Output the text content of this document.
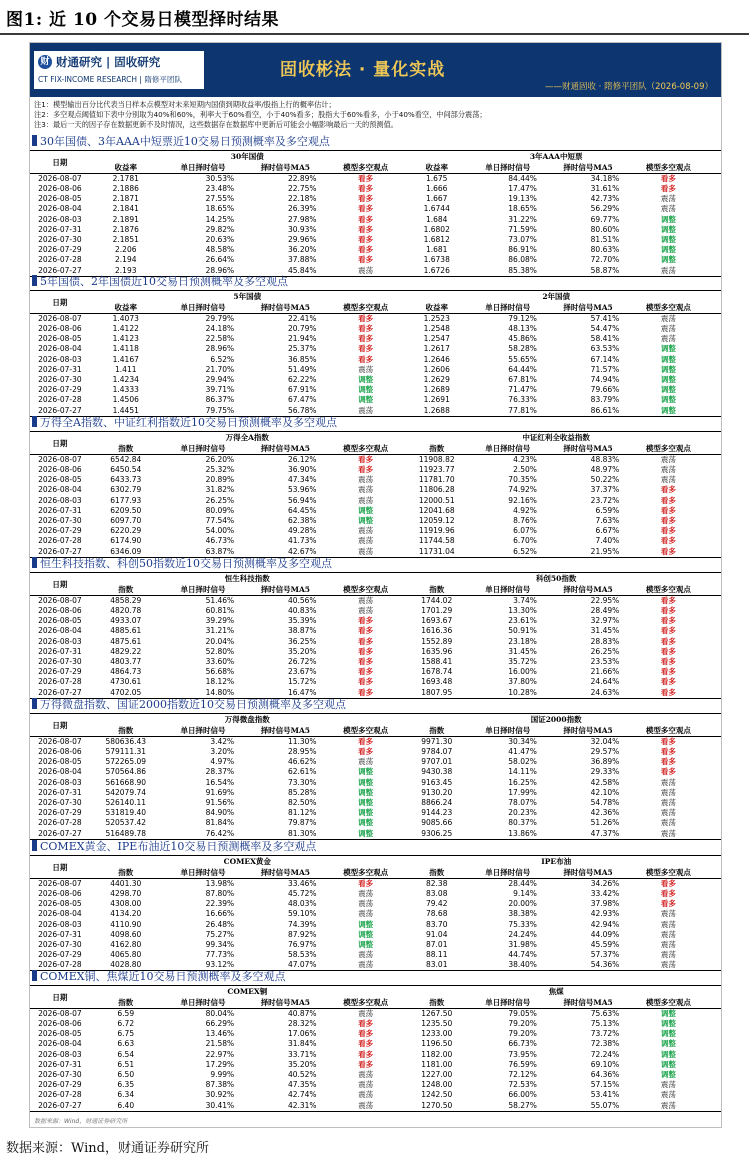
图1: 近 10 个交易日模型择时结果
财 财通研究 | 固收研究
CT FIX-INCOME RESEARCH | 隋修平团队	固收彬法 · 量化实战
——财通固收 · 隋修平团队（2026-08-09）
注1：模型输出百分比代表当日样本点模型对未来短期内国债到期收益率/股指上行的概率估计；
注2：多空观点阈值如下表中分别取为40%和60%，利率大于60%看空，小于40%看多；股指大于60%看多，小于40%看空，中间部分震荡；
注3：最后一天的因子存在数据更新不及时情况，这些数据存在数据库中更新后可能会小幅影响最后一天的预测值。
30年国债、3年AAA中短票近10交易日预测概率及多空观点
日期	30年国债				3年AAA中短票				
	收益率	单日择时信号	择时信号MA5	模型多空观点	收益率	单日择时信号	择时信号MA5	模型多空观点	
2026-08-07	2.1781	30.53%	22.89%	看多	1.675	84.44%	34.18%	看多	
2026-08-06	2.1886	23.48%	22.75%	看多	1.666	17.47%	31.61%	看多	
2026-08-05	2.1871	27.55%	22.18%	看多	1.667	19.13%	42.73%	震荡	
2026-08-04	2.1841	18.65%	26.39%	看多	1.6744	18.65%	56.29%	震荡	
2026-08-03	2.1891	14.25%	27.98%	看多	1.684	31.22%	69.77%	调整	
2026-07-31	2.1876	29.82%	30.93%	看多	1.6802	71.59%	80.60%	调整	
2026-07-30	2.1851	20.63%	29.96%	看多	1.6812	73.07%	81.51%	调整	
2026-07-29	2.206	48.58%	36.20%	看多	1.681	86.91%	80.63%	调整	
2026-07-28	2.194	26.64%	37.88%	看多	1.6738	86.08%	72.70%	调整	
2026-07-27	2.193	28.96%	45.84%	震荡	1.6726	85.38%	58.87%	震荡	
5年国债、2年国债近10交易日预测概率及多空观点
日期	5年国债				2年国债				
	收益率	单日择时信号	择时信号MA5	模型多空观点	收益率	单日择时信号	择时信号MA5	模型多空观点	
2026-08-07	1.4073	29.79%	22.41%	看多	1.2523	79.12%	57.41%	震荡	
2026-08-06	1.4122	24.18%	20.79%	看多	1.2548	48.13%	54.47%	震荡	
2026-08-05	1.4123	22.58%	21.94%	看多	1.2547	45.86%	58.41%	震荡	
2026-08-04	1.4118	28.96%	25.37%	看多	1.2617	58.28%	63.53%	调整	
2026-08-03	1.4167	6.52%	36.85%	看多	1.2646	55.65%	67.14%	调整	
2026-07-31	1.411	21.70%	51.49%	震荡	1.2606	64.44%	71.57%	调整	
2026-07-30	1.4234	29.94%	62.22%	调整	1.2629	67.81%	74.94%	调整	
2026-07-29	1.4333	39.71%	67.91%	调整	1.2689	71.47%	79.66%	调整	
2026-07-28	1.4506	86.37%	67.47%	调整	1.2691	76.33%	83.79%	调整	
2026-07-27	1.4451	79.75%	56.78%	震荡	1.2688	77.81%	86.61%	调整	
万得全A指数、中证红利指数近10交易日预测概率及多空观点
日期	万得全A指数				中证红利全收益指数				
	指数	单日择时信号	择时信号MA5	模型多空观点	指数	单日择时信号	择时信号MA5	模型多空观点	
2026-08-07	6542.84	26.20%	26.12%	看多	11908.82	4.23%	48.83%	震荡	
2026-08-06	6450.54	25.32%	36.90%	看多	11923.77	2.50%	48.97%	震荡	
2026-08-05	6433.73	20.89%	47.34%	震荡	11781.70	70.35%	50.22%	震荡	
2026-08-04	6302.79	31.82%	53.96%	震荡	11806.28	74.92%	37.37%	看多	
2026-08-03	6177.93	26.25%	56.94%	震荡	12000.51	92.16%	23.72%	看多	
2026-07-31	6209.50	80.09%	64.45%	调整	12041.68	4.92%	6.59%	看多	
2026-07-30	6097.70	77.54%	62.38%	调整	12059.12	8.76%	7.63%	看多	
2026-07-29	6220.29	54.00%	49.28%	震荡	11919.96	6.07%	6.67%	看多	
2026-07-28	6174.90	46.73%	41.73%	震荡	11744.58	6.70%	7.40%	看多	
2026-07-27	6346.09	63.87%	42.67%	震荡	11731.04	6.52%	21.95%	看多	
恒生科技指数、科创50指数近10交易日预测概率及多空观点
日期	恒生科技指数				科创50指数				
	指数	单日择时信号	择时信号MA5	模型多空观点	指数	单日择时信号	择时信号MA5	模型多空观点	
2026-08-07	4858.29	51.46%	40.56%	震荡	1744.02	3.74%	22.95%	看多	
2026-08-06	4820.78	60.81%	40.83%	震荡	1701.29	13.30%	28.49%	看多	
2026-08-05	4933.07	39.29%	35.39%	看多	1693.67	23.61%	32.97%	看多	
2026-08-04	4885.61	31.21%	38.87%	看多	1616.36	50.91%	31.45%	看多	
2026-08-03	4875.61	20.04%	36.25%	看多	1552.89	23.18%	28.83%	看多	
2026-07-31	4829.22	52.80%	35.20%	看多	1635.96	31.45%	26.25%	看多	
2026-07-30	4803.77	33.60%	26.72%	看多	1588.41	35.72%	23.53%	看多	
2026-07-29	4864.73	56.68%	23.67%	看多	1678.74	16.00%	21.66%	看多	
2026-07-28	4730.61	18.12%	15.72%	看多	1693.48	37.80%	24.64%	看多	
2026-07-27	4702.05	14.80%	16.47%	看多	1807.95	10.28%	24.63%	看多	
万得微盘指数、国证2000指数近10交易日预测概率及多空观点
日期	万得微盘指数				国证2000指数				
	指数	单日择时信号	择时信号MA5	模型多空观点	指数	单日择时信号	择时信号MA5	模型多空观点	
2026-08-07	580636.43	3.42%	11.30%	看多	9971.30	30.34%	32.04%	看多	
2026-08-06	579111.31	3.20%	28.95%	看多	9784.07	41.47%	29.57%	看多	
2026-08-05	572265.09	4.97%	46.62%	震荡	9707.01	58.02%	36.89%	看多	
2026-08-04	570564.86	28.37%	62.61%	调整	9430.38	14.11%	29.33%	看多	
2026-08-03	561668.90	16.54%	73.30%	调整	9163.45	16.25%	42.58%	震荡	
2026-07-31	542079.74	91.69%	85.28%	调整	9130.20	17.99%	42.10%	震荡	
2026-07-30	526140.11	91.56%	82.50%	调整	8866.24	78.07%	54.78%	震荡	
2026-07-29	531819.40	84.90%	81.12%	调整	9144.23	20.23%	42.36%	震荡	
2026-07-28	520537.42	81.84%	79.87%	调整	9085.66	80.37%	51.26%	震荡	
2026-07-27	516489.78	76.42%	81.30%	调整	9306.25	13.86%	47.37%	震荡	
COMEX黄金、IPE布油近10交易日预测概率及多空观点
日期	COMEX黄金				IPE布油				
	指数	单日择时信号	择时信号MA5	模型多空观点	指数	单日择时信号	择时信号MA5	模型多空观点	
2026-08-07	4401.30	13.98%	33.46%	看多	82.38	28.44%	34.26%	看多	
2026-08-06	4298.70	87.80%	45.72%	震荡	83.08	9.14%	33.42%	看多	
2026-08-05	4308.00	22.39%	48.03%	震荡	79.42	20.00%	37.98%	看多	
2026-08-04	4134.20	16.66%	59.10%	震荡	78.68	38.38%	42.93%	震荡	
2026-08-03	4110.90	26.48%	74.39%	调整	83.70	75.33%	42.94%	震荡	
2026-07-31	4098.60	75.27%	87.92%	调整	91.04	24.24%	44.09%	震荡	
2026-07-30	4162.80	99.34%	76.97%	调整	87.01	31.98%	45.59%	震荡	
2026-07-29	4065.80	77.73%	58.53%	震荡	88.11	44.74%	57.37%	震荡	
2026-07-28	4028.80	93.12%	47.07%	震荡	83.01	38.40%	54.36%	震荡	
COMEX铜、焦煤近10交易日预测概率及多空观点
日期	COMEX铜				焦煤				
	指数	单日择时信号	择时信号MA5	模型多空观点	指数	单日择时信号	择时信号MA5	模型多空观点	
2026-08-07	6.59	80.04%	40.87%	震荡	1267.50	79.05%	75.63%	调整	
2026-08-06	6.72	66.29%	28.32%	看多	1235.50	79.20%	75.13%	调整	
2026-08-05	6.75	13.46%	17.06%	看多	1233.00	79.20%	73.72%	调整	
2026-08-04	6.63	21.58%	31.84%	看多	1196.50	66.73%	72.38%	调整	
2026-08-03	6.54	22.97%	33.71%	看多	1182.00	73.95%	72.24%	调整	
2026-07-31	6.51	17.29%	35.20%	看多	1181.00	76.59%	69.10%	调整	
2026-07-30	6.50	9.99%	40.52%	震荡	1227.00	72.12%	64.36%	调整	
2026-07-29	6.35	87.38%	47.35%	震荡	1248.00	72.53%	57.15%	震荡	
2026-07-28	6.34	30.92%	42.74%	震荡	1242.50	66.00%	53.41%	震荡	
2026-07-27	6.40	30.41%	42.31%	震荡	1270.50	58.27%	55.07%	震荡	
数据来源：Wind，财通证券研究所
数据来源：Wind，财通证券研究所
